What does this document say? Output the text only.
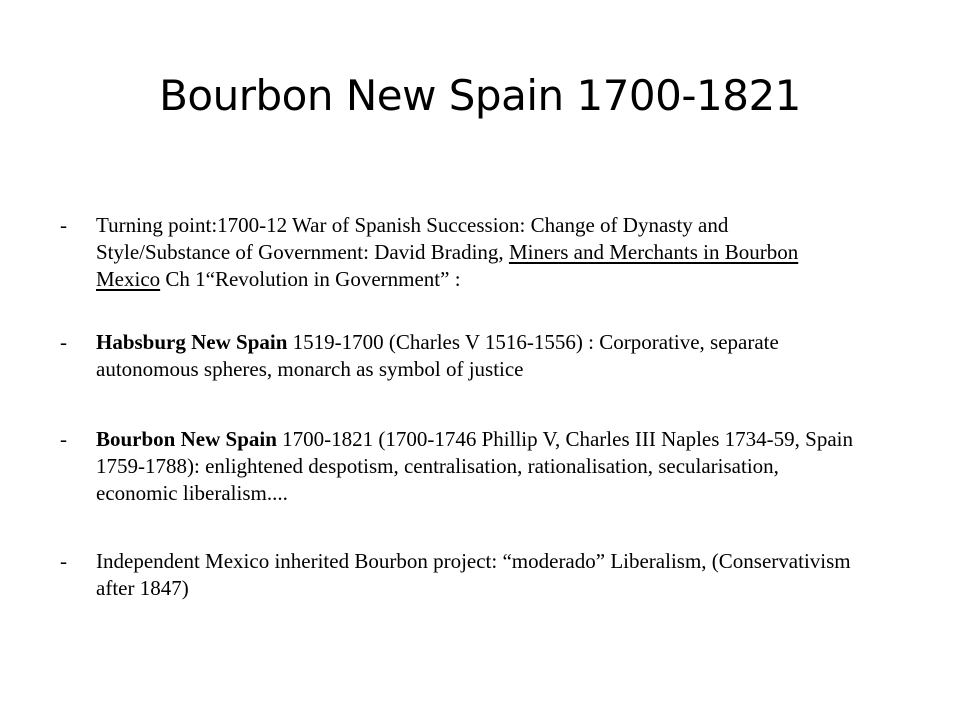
Bourbon New Spain 1700-1821
-	Turning point:1700-12 War of Spanish Succession: Change of Dynasty and Style/Substance of Government: David Brading, Miners and Merchants in Bourbon Mexico Ch 1“Revolution in Government” :
-	Habsburg New Spain 1519-1700 (Charles V 1516-1556) : Corporative, separate autonomous spheres, monarch as symbol of justice
-	Bourbon New Spain 1700-1821 (1700-1746 Phillip V, Charles III Naples 1734-59, Spain 1759-1788): enlightened despotism, centralisation, rationalisation, secularisation, economic liberalism....
-	Independent Mexico inherited Bourbon project: “moderado” Liberalism, (Conservativism after 1847)
